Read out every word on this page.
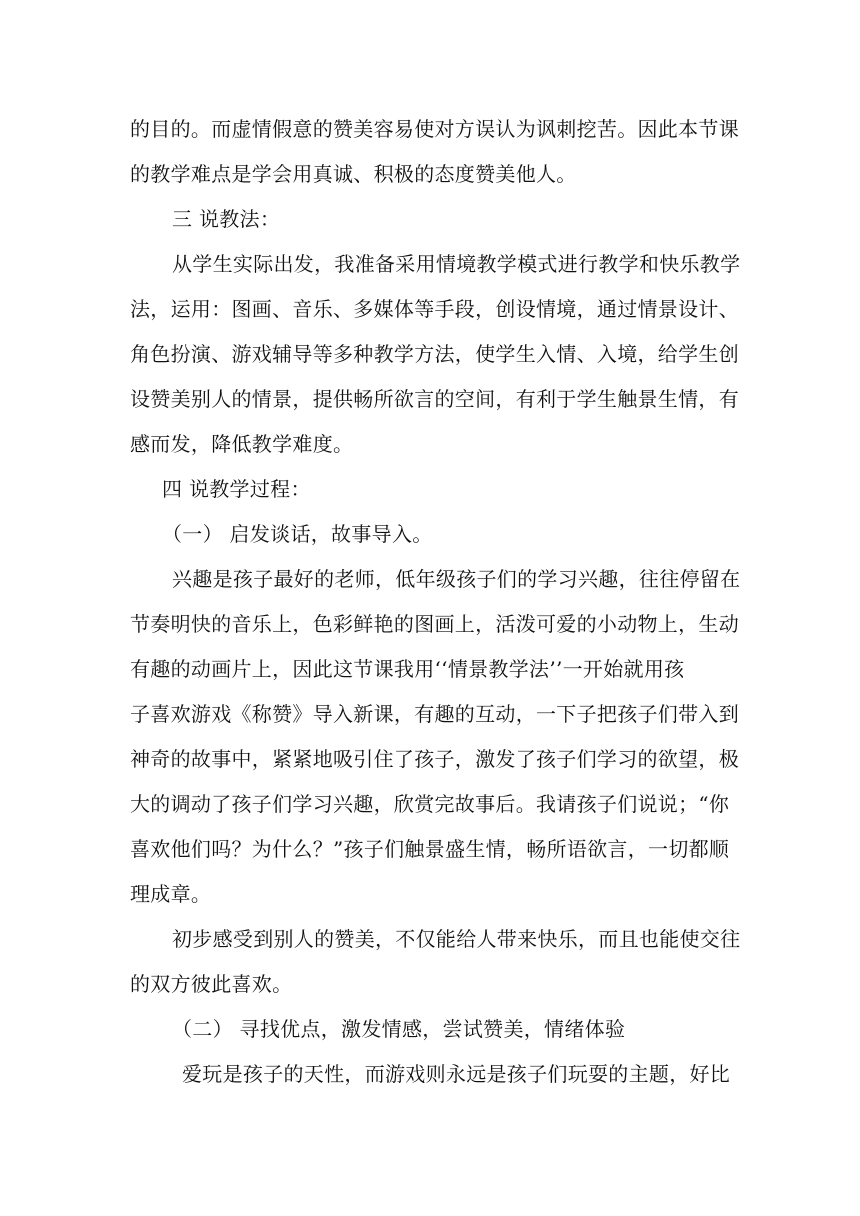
的目的。而虚情假意的赞美容易使对方误认为讽刺挖苦。因此本节课
的教学难点是学会用真诚、积极的态度赞美他人。
三 说教法：
从学生实际出发，我准备采用情境教学模式进行教学和快乐教学
法，运用：图画、音乐、多媒体等手段，创设情境，通过情景设计、
角色扮演、游戏辅导等多种教学方法，使学生入情、入境，给学生创
设赞美别人的情景，提供畅所欲言的空间，有利于学生触景生情，有
感而发，降低教学难度。
四 说教学过程：
（一） 启发谈话，故事导入。
兴趣是孩子最好的老师，低年级孩子们的学习兴趣，往往停留在
节奏明快的音乐上，色彩鲜艳的图画上，活泼可爱的小动物上，生动
有趣的动画片上，因此这节课我用‘‘情景教学法’’一开始就用孩
子喜欢游戏《称赞》导入新课，有趣的互动，一下子把孩子们带入到
神奇的故事中，紧紧地吸引住了孩子，激发了孩子们学习的欲望，极
大的调动了孩子们学习兴趣，欣赏完故事后。我请孩子们说说；“你
喜欢他们吗？为什么？”孩子们触景盛生情，畅所语欲言，一切都顺
理成章。
初步感受到别人的赞美，不仅能给人带来快乐，而且也能使交往
的双方彼此喜欢。
（二） 寻找优点，激发情感，尝试赞美，情绪体验
爱玩是孩子的天性，而游戏则永远是孩子们玩耍的主题，好比
